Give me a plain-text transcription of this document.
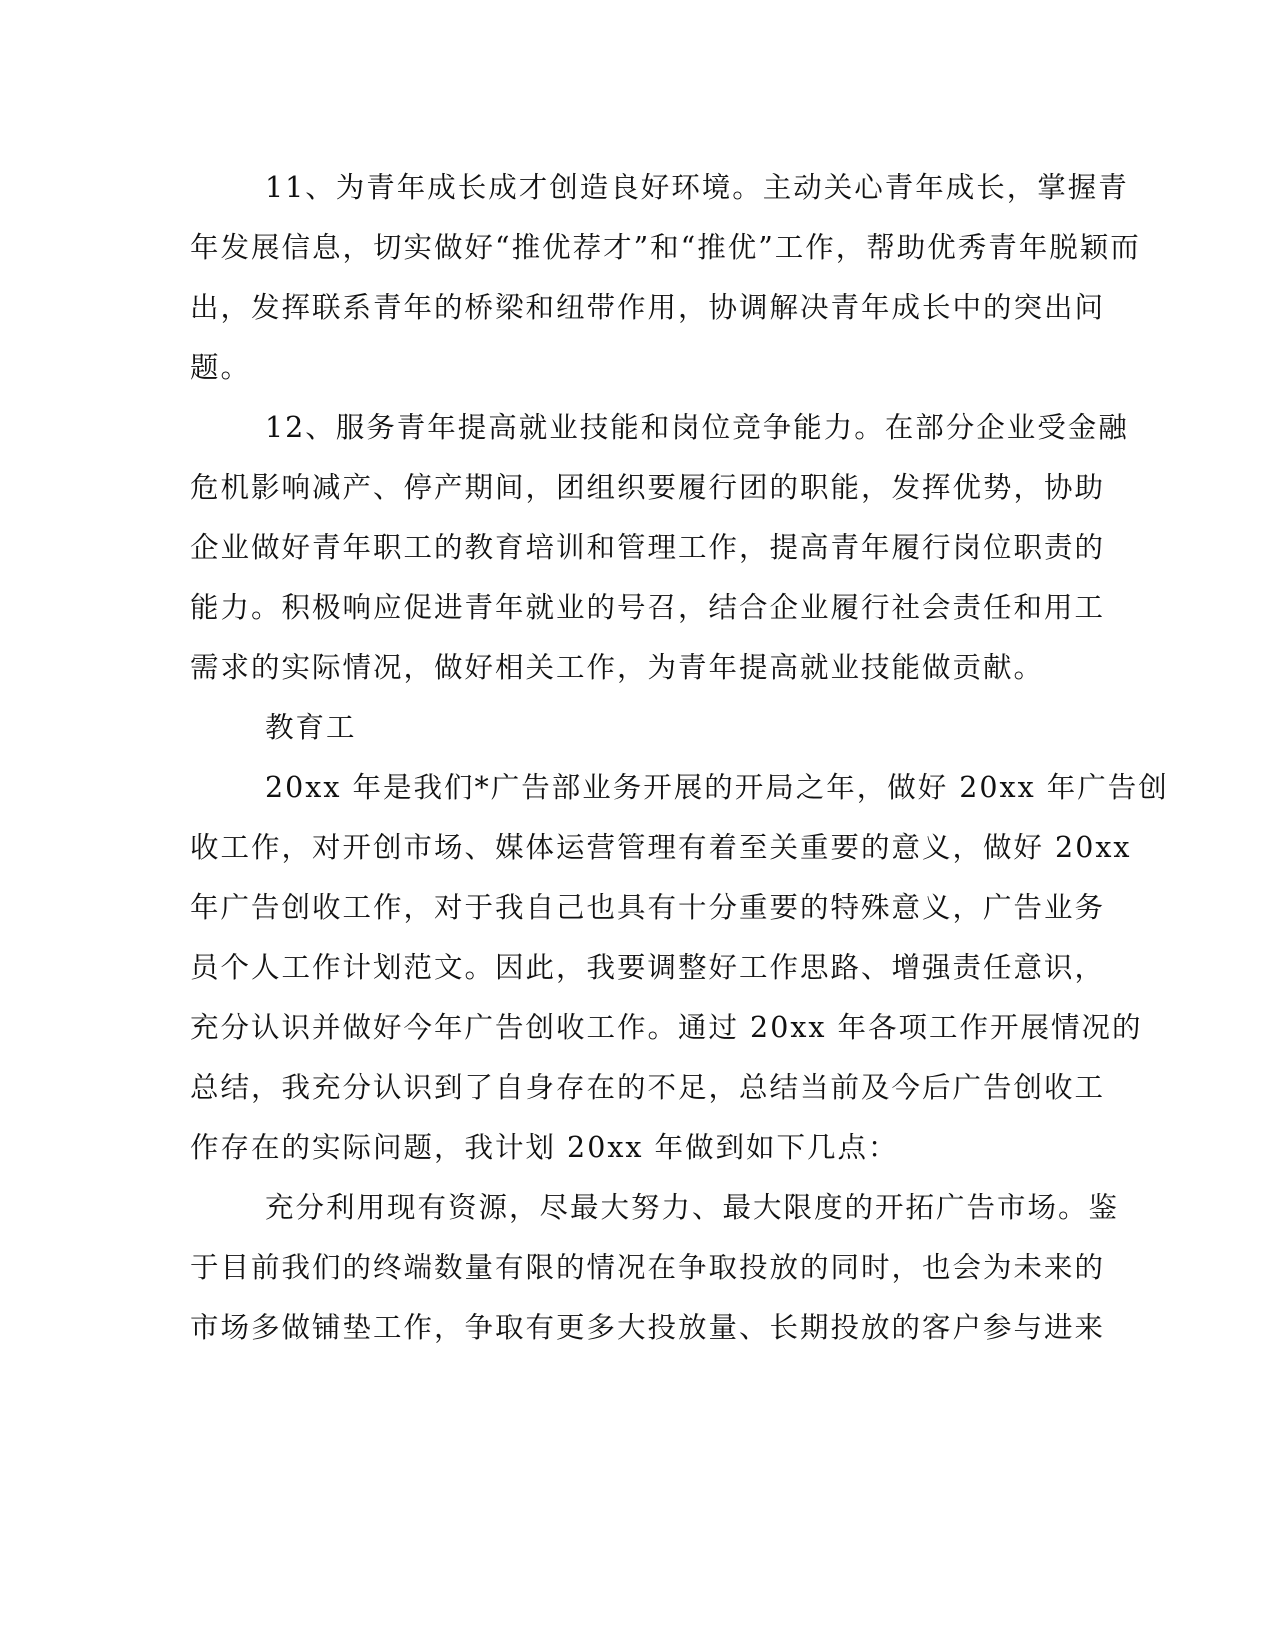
11、为青年成长成才创造良好环境。主动关心青年成长，掌握青
年发展信息，切实做好“推优荐才”和“推优”工作，帮助优秀青年脱颖而
出，发挥联系青年的桥梁和纽带作用，协调解决青年成长中的突出问
题。
12、服务青年提高就业技能和岗位竞争能力。在部分企业受金融
危机影响减产、停产期间，团组织要履行团的职能，发挥优势，协助
企业做好青年职工的教育培训和管理工作，提高青年履行岗位职责的
能力。积极响应促进青年就业的号召，结合企业履行社会责任和用工
需求的实际情况，做好相关工作，为青年提高就业技能做贡献。
教育工
20xx 年是我们*广告部业务开展的开局之年，做好 20xx 年广告创
收工作，对开创市场、媒体运营管理有着至关重要的意义，做好 20xx
年广告创收工作，对于我自己也具有十分重要的特殊意义，广告业务
员个人工作计划范文。因此，我要调整好工作思路、增强责任意识，
充分认识并做好今年广告创收工作。通过 20xx 年各项工作开展情况的
总结，我充分认识到了自身存在的不足，总结当前及今后广告创收工
作存在的实际问题，我计划 20xx 年做到如下几点：
充分利用现有资源，尽最大努力、最大限度的开拓广告市场。鉴
于目前我们的终端数量有限的情况在争取投放的同时，也会为未来的
市场多做铺垫工作，争取有更多大投放量、长期投放的客户参与进来
